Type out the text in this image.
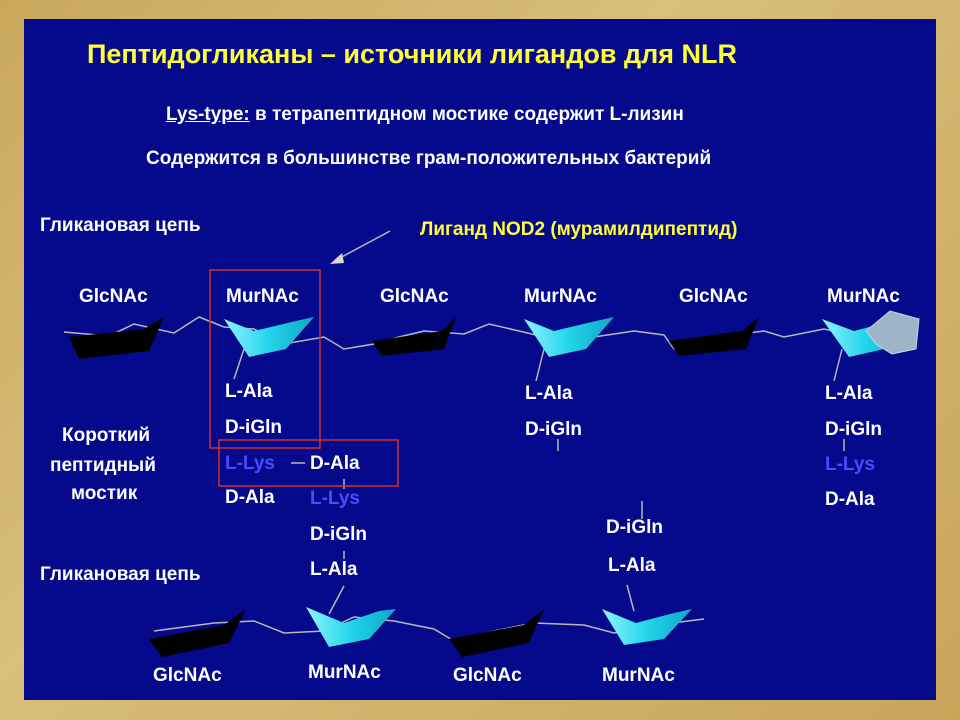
Пептидогликаны – источники лигандов для NLR
Lys-type: в тетрапептидном мостике содержит L-лизин
Содержится в большинстве грам-положительных бактерий
Гликановая цепь	Лиганд NOD2 (мурамилдипептид)
GlcNAc	MurNAc	GlcNAc	MurNAc	GlcNAc	MurNAc
L-Ala
D-iGln
L-Lys
D-Ala
L-Ala
D-iGln
L-Ala
D-iGln
L-Lys
D-Ala
D-Ala
L-Lys
D-iGln
L-Ala
D-iGln
L-Ala
Короткий
пептидный
мостик
Гликановая цепь
GlcNAc	MurNAc	GlcNAc	MurNAc
